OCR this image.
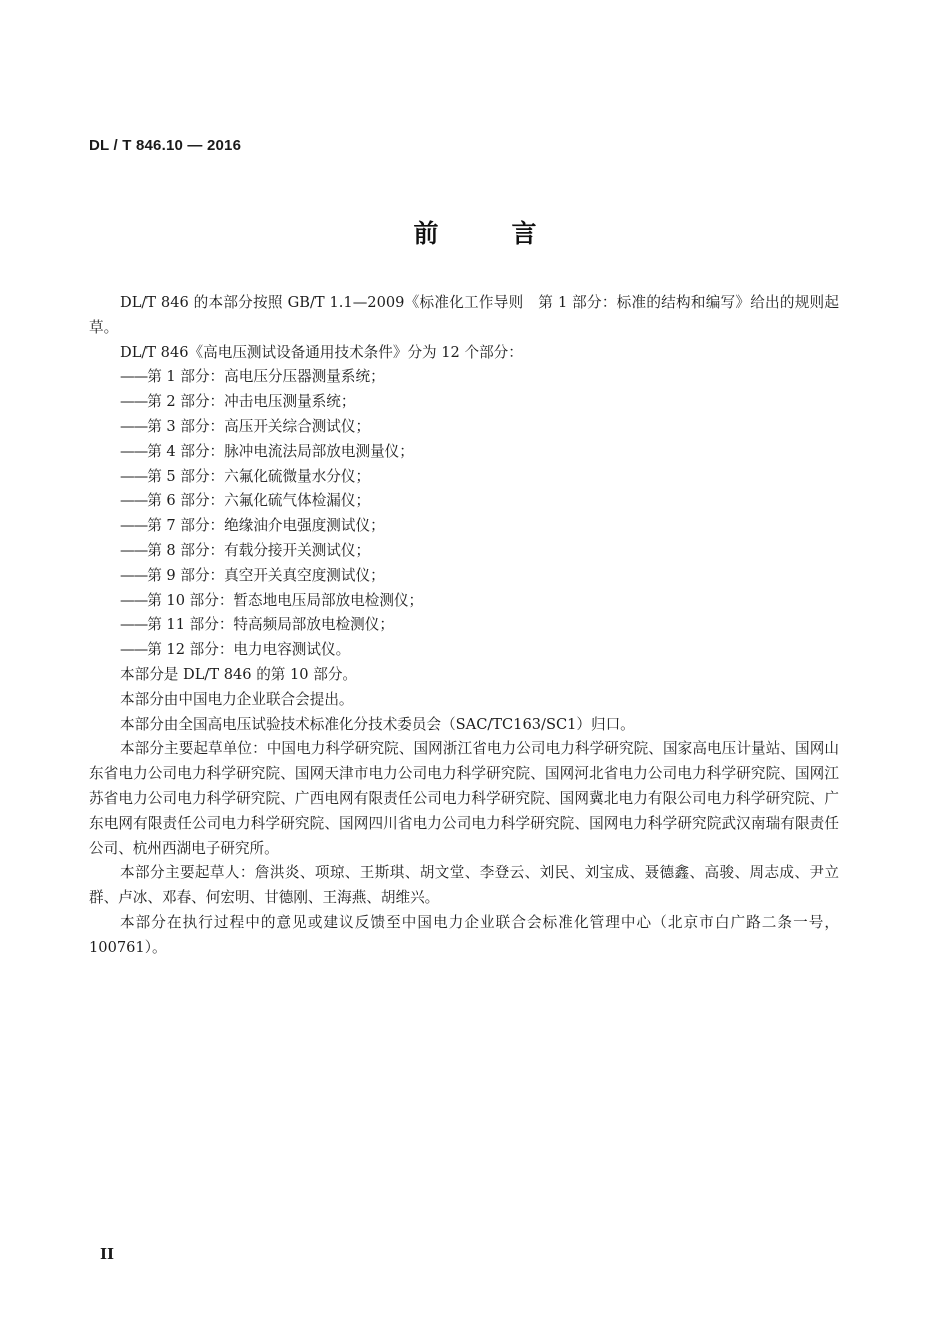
DL / T 846.10 — 2016
前　言

DL/T 846 的本部分按照 GB/T 1.1—2009《标准化工作导则　第 1 部分：标准的结构和编写》给出的规则起草。

DL/T 846《高电压测试设备通用技术条件》分为 12 个部分：

——第 1 部分：高电压分压器测量系统；

——第 2 部分：冲击电压测量系统；

——第 3 部分：高压开关综合测试仪；

——第 4 部分：脉冲电流法局部放电测量仪；

——第 5 部分：六氟化硫微量水分仪；

——第 6 部分：六氟化硫气体检漏仪；

——第 7 部分：绝缘油介电强度测试仪；

——第 8 部分：有载分接开关测试仪；

——第 9 部分：真空开关真空度测试仪；

——第 10 部分：暂态地电压局部放电检测仪；

——第 11 部分：特高频局部放电检测仪；

——第 12 部分：电力电容测试仪。

本部分是 DL/T 846 的第 10 部分。

本部分由中国电力企业联合会提出。

本部分由全国高电压试验技术标准化分技术委员会（SAC/TC163/SC1）归口。

本部分主要起草单位：中国电力科学研究院、国网浙江省电力公司电力科学研究院、国家高电压计量站、国网山东省电力公司电力科学研究院、国网天津市电力公司电力科学研究院、国网河北省电力公司电力科学研究院、国网江苏省电力公司电力科学研究院、广西电网有限责任公司电力科学研究院、国网冀北电力有限公司电力科学研究院、广东电网有限责任公司电力科学研究院、国网四川省电力公司电力科学研究院、国网电力科学研究院武汉南瑞有限责任公司、杭州西湖电子研究所。

本部分主要起草人：詹洪炎、项琼、王斯琪、胡文堂、李登云、刘民、刘宝成、聂德鑫、高骏、周志成、尹立群、卢冰、邓春、何宏明、甘德刚、王海燕、胡维兴。

本部分在执行过程中的意见或建议反馈至中国电力企业联合会标准化管理中心（北京市白广路二条一号，100761）。

II
